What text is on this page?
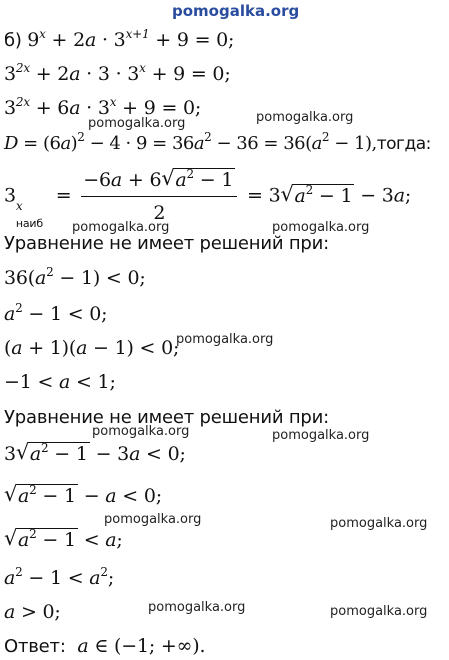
pomogalka.org
pomogalka.org
pomogalka.org
pomogalka.org	pomogalka.org
pomogalka.org
pomogalka.org	pomogalka.org
pomogalka.org	pomogalka.org
pomogalka.org	pomogalka.org
б) $9^x + 2a \cdot 3^{x+1} + 9 = 0$;
$3^{2x} + 2a \cdot 3 \cdot 3^x + 9 = 0$;
$3^{2x} + 6a \cdot 3^x + 9 = 0$;
$D = (6a)^2 - 4 \cdot 9 = 36a^2 - 36 = 36(a^2$ − 1),тогда:
3 x
наиб
= $\frac{-6a + 6√ a^2 - 1}{2} = 3√$ $a^2 - 1 - 3a$;
Уравнение не имеет решений при:
$36(a^2 - 1) < 0$;
$a^2 - 1 < 0$;
(a + 1)(a − 1) < 0;
−1 < a < 1;
Уравнение не имеет решений при:
3√ $a^2 - 1 - 3a < 0$;
√ $a^2 - 1 - a < 0$;
√ $a^2 - 1 < a$;
$a^2 - 1 < a^2$;
a > 0;
Ответ: a ∈ (−1; +∞).
